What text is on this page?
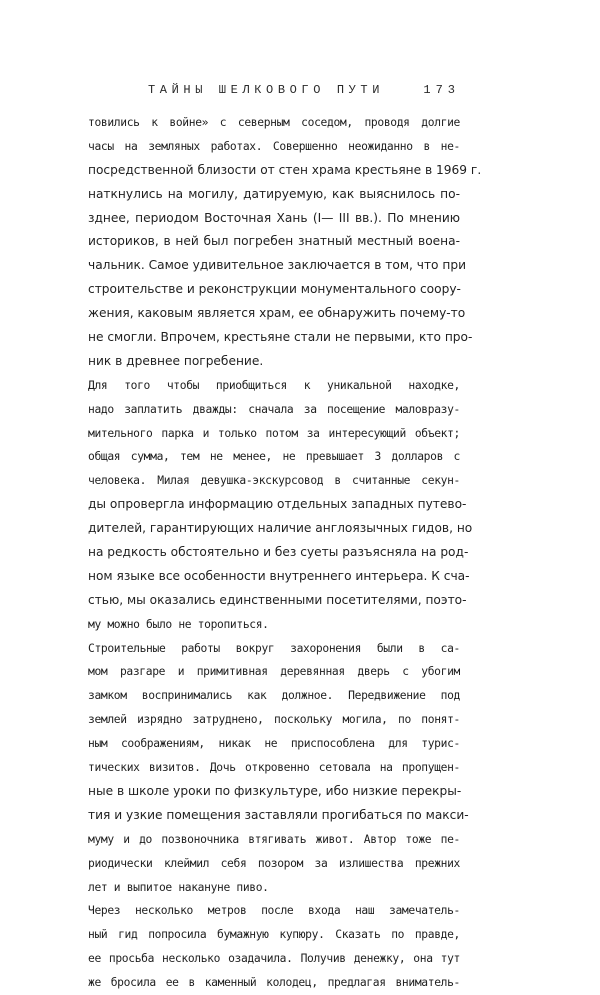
ТАЙНЫ ШЕЛКОВОГО ПУТИ	173
товились к войне» с северным соседом, проводя долгие
часы на земляных работах. Совершенно неожиданно в не-
посредственной близости от стен храма крестьяне в 1969 г.
наткнулись на могилу, датируемую, как выяснилось по-
зднее, периодом Восточная Хань (I— III вв.). По мнению
историков, в ней был погребен знатный местный воена-
чальник. Самое удивительное заключается в том, что при
строительстве и реконструкции монументального соору-
жения, каковым является храм, ее обнаружить почему-то
не смогли. Впрочем, крестьяне стали не первыми, кто про-
ник в древнее погребение.
Для того чтобы приобщиться к уникальной находке,
надо заплатить дважды: сначала за посещение маловразу-
мительного парка и только потом за интересующий объект;
общая сумма, тем не менее, не превышает 3 долларов с
человека. Милая девушка-экскурсовод в считанные секун-
ды опровергла информацию отдельных западных путево-
дителей, гарантирующих наличие англоязычных гидов, но
на редкость обстоятельно и без суеты разъясняла на род-
ном языке все особенности внутреннего интерьера. К сча-
стью, мы оказались единственными посетителями, поэто-
му можно было не торопиться.
Строительные работы вокруг захоронения были в са-
мом разгаре и примитивная деревянная дверь с убогим
замком воспринимались как должное. Передвижение под
землей изрядно затруднено, поскольку могила, по понят-
ным соображениям, никак не приспособлена для турис-
тических визитов. Дочь откровенно сетовала на пропущен-
ные в школе уроки по физкультуре, ибо низкие перекры-
тия и узкие помещения заставляли прогибаться по макси-
муму и до позвоночника втягивать живот. Автор тоже пе-
риодически клеймил себя позором за излишества прежних
лет и выпитое накануне пиво.
Через несколько метров после входа наш замечатель-
ный гид попросила бумажную купюру. Сказать по правде,
ее просьба несколько озадачила. Получив денежку, она тут
же бросила ее в каменный колодец, предлагая вниматель-
